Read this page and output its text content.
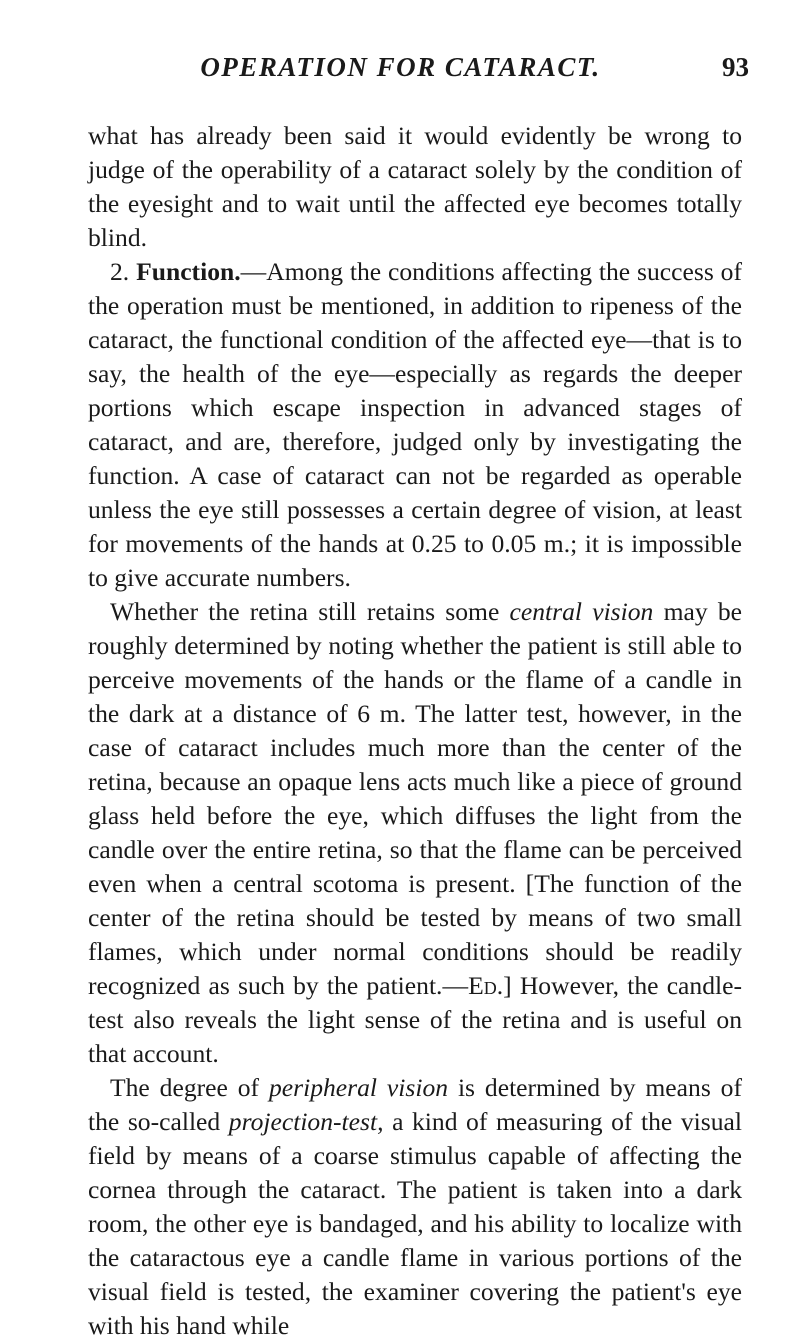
OPERATION FOR CATARACT.	93

what has already been said it would evidently be wrong to judge of the operability of a cataract solely by the condition of the eyesight and to wait until the affected eye becomes totally blind.

2. Function.—Among the conditions affecting the success of the operation must be mentioned, in addition to ripeness of the cataract, the functional condition of the affected eye—that is to say, the health of the eye—especially as regards the deeper portions which escape inspection in advanced stages of cataract, and are, therefore, judged only by investigating the function. A case of cataract can not be regarded as operable unless the eye still possesses a certain degree of vision, at least for movements of the hands at 0.25 to 0.05 m.; it is impossible to give accurate numbers.

Whether the retina still retains some central vision may be roughly determined by noting whether the patient is still able to perceive movements of the hands or the flame of a candle in the dark at a distance of 6 m. The latter test, however, in the case of cataract includes much more than the center of the retina, because an opaque lens acts much like a piece of ground glass held before the eye, which diffuses the light from the candle over the entire retina, so that the flame can be perceived even when a central scotoma is present. [The function of the center of the retina should be tested by means of two small flames, which under normal conditions should be readily recognized as such by the patient.—Ed.] However, the candle-test also reveals the light sense of the retina and is useful on that account.

The degree of peripheral vision is determined by means of the so-called projection-test, a kind of measuring of the visual field by means of a coarse stimulus capable of affecting the cornea through the cataract. The patient is taken into a dark room, the other eye is bandaged, and his ability to localize with the cataractous eye a candle flame in various portions of the visual field is tested, the examiner covering the patient's eye with his hand while
